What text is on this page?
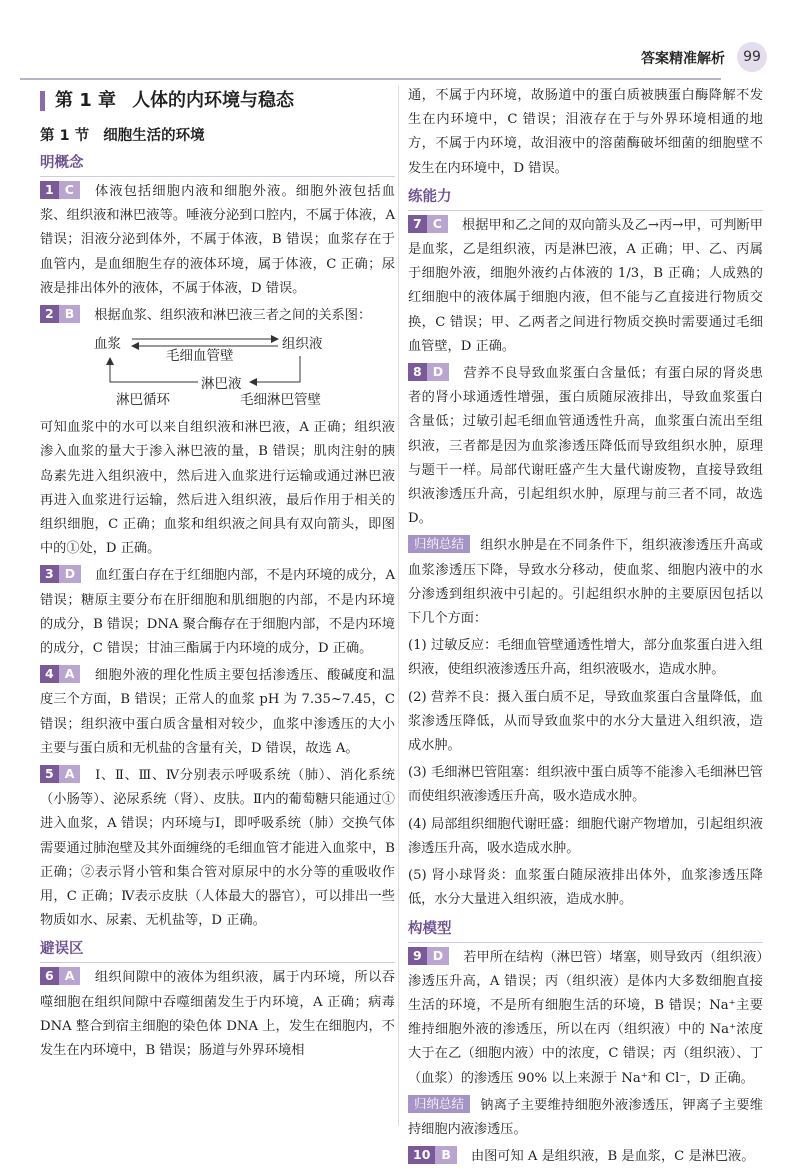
答案精准解析	99
第 1 章 人体的内环境与稳态
第 1 节 细胞生活的环境
明概念

1 C 体液包括细胞内液和细胞外液。细胞外液包括血浆、组织液和淋巴液等。唾液分泌到口腔内，不属于体液，A 错误；泪液分泌到体外，不属于体液，B 错误；血浆存在于血管内，是血细胞生存的液体环境，属于体液，C 正确；尿液是排出体外的液体，不属于体液，D 错误。

2 B 根据血浆、组织液和淋巴液三者之间的关系图：

血浆	组织液
毛细血管壁
淋巴液
淋巴循环	毛细淋巴管壁

可知血浆中的水可以来自组织液和淋巴液，A 正确；组织液渗入血浆的量大于渗入淋巴液的量，B 错误；肌肉注射的胰岛素先进入组织液中，然后进入血浆进行运输或通过淋巴液再进入血浆进行运输，然后进入组织液，最后作用于相关的组织细胞，C 正确；血浆和组织液之间具有双向箭头，即图中的①处，D 正确。

3 D 血红蛋白存在于红细胞内部，不是内环境的成分，A 错误；糖原主要分布在肝细胞和肌细胞的内部，不是内环境的成分，B 错误；DNA 聚合酶存在于细胞内部，不是内环境的成分，C 错误；甘油三酯属于内环境的成分，D 正确。

4 A 细胞外液的理化性质主要包括渗透压、酸碱度和温度三个方面，B 错误；正常人的血浆 pH 为 7.35~7.45，C 错误；组织液中蛋白质含量相对较少，血浆中渗透压的大小主要与蛋白质和无机盐的含量有关，D 错误，故选 A。

5 A Ⅰ、Ⅱ、Ⅲ、Ⅳ分别表示呼吸系统（肺）、消化系统（小肠等）、泌尿系统（肾）、皮肤。Ⅱ内的葡萄糖只能通过①进入血浆，A 错误；内环境与Ⅰ，即呼吸系统（肺）交换气体需要通过肺泡壁及其外面缠绕的毛细血管才能进入血浆中，B 正确；②表示肾小管和集合管对原尿中的水分等的重吸收作用，C 正确；Ⅳ表示皮肤（人体最大的器官），可以排出一些物质如水、尿素、无机盐等，D 正确。

避误区

6 A 组织间隙中的液体为组织液，属于内环境，所以吞噬细胞在组织间隙中吞噬细菌发生于内环境，A 正确；病毒 DNA 整合到宿主细胞的染色体 DNA 上，发生在细胞内，不发生在内环境中，B 错误；肠道与外界环境相

通，不属于内环境，故肠道中的蛋白质被胰蛋白酶降解不发生在内环境中，C 错误；泪液存在于与外界环境相通的地方，不属于内环境，故泪液中的溶菌酶破坏细菌的细胞壁不发生在内环境中，D 错误。

练能力

7 C 根据甲和乙之间的双向箭头及乙→丙→甲，可判断甲是血浆，乙是组织液，丙是淋巴液，A 正确；甲、乙、丙属于细胞外液，细胞外液约占体液的 1/3，B 正确；人成熟的红细胞中的液体属于细胞内液，但不能与乙直接进行物质交换，C 错误；甲、乙两者之间进行物质交换时需要通过毛细血管壁，D 正确。

8 D 营养不良导致血浆蛋白含量低；有蛋白尿的肾炎患者的肾小球通透性增强，蛋白质随尿液排出，导致血浆蛋白含量低；过敏引起毛细血管通透性升高，血浆蛋白流出至组织液，三者都是因为血浆渗透压降低而导致组织水肿，原理与题干一样。局部代谢旺盛产生大量代谢废物，直接导致组织液渗透压升高，引起组织水肿，原理与前三者不同，故选 D。

归纳总结 组织水肿是在不同条件下，组织液渗透压升高或血浆渗透压下降，导致水分移动，使血浆、细胞内液中的水分渗透到组织液中引起的。引起组织水肿的主要原因包括以下几个方面：

(1) 过敏反应：毛细血管壁通透性增大，部分血浆蛋白进入组织液，使组织液渗透压升高，组织液吸水，造成水肿。

(2) 营养不良：摄入蛋白质不足，导致血浆蛋白含量降低，血浆渗透压降低，从而导致血浆中的水分大量进入组织液，造成水肿。

(3) 毛细淋巴管阻塞：组织液中蛋白质等不能渗入毛细淋巴管而使组织液渗透压升高，吸水造成水肿。

(4) 局部组织细胞代谢旺盛：细胞代谢产物增加，引起组织液渗透压升高，吸水造成水肿。

(5) 肾小球肾炎：血浆蛋白随尿液排出体外，血浆渗透压降低，水分大量进入组织液，造成水肿。

构模型

9 D 若甲所在结构（淋巴管）堵塞，则导致丙（组织液）渗透压升高，A 错误；丙（组织液）是体内大多数细胞直接生活的环境，不是所有细胞生活的环境，B 错误；Na⁺主要维持细胞外液的渗透压，所以在丙（组织液）中的 Na⁺浓度大于在乙（细胞内液）中的浓度，C 错误；丙（组织液）、丁（血浆）的渗透压 90% 以上来源于 Na⁺和 Cl⁻，D 正确。

归纳总结 钠离子主要维持细胞外液渗透压，钾离子主要维持细胞内液渗透压。

10 B 由图可知 A 是组织液，B 是血浆，C 是淋巴液。
